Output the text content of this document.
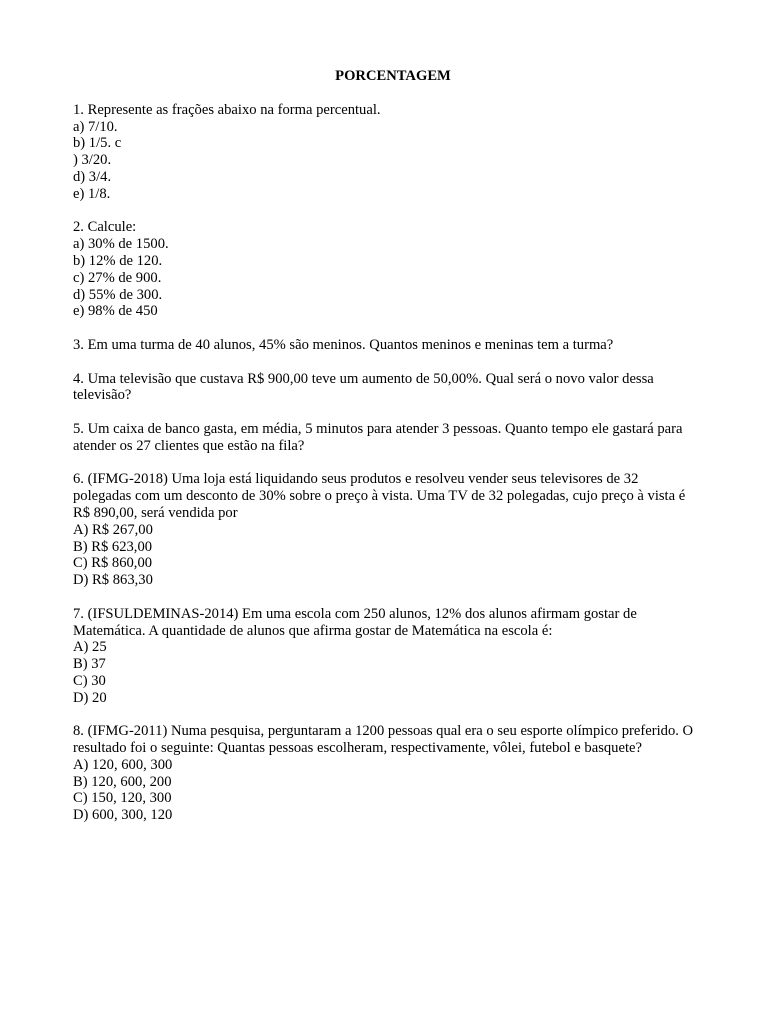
PORCENTAGEM
1. Represente as frações abaixo na forma percentual.
a) 7/10.
b) 1/5. c
) 3/20.
d) 3/4.
e) 1/8.
2. Calcule:
a) 30% de 1500.
b) 12% de 120.
c) 27% de 900.
d) 55% de 300.
e) 98% de 450
3. Em uma turma de 40 alunos, 45% são meninos. Quantos meninos e meninas tem a turma?
4. Uma televisão que custava R$ 900,00 teve um aumento de 50,00%. Qual será o novo valor dessa televisão?
5. Um caixa de banco gasta, em média, 5 minutos para atender 3 pessoas. Quanto tempo ele gastará para atender os 27 clientes que estão na fila?
6. (IFMG-2018) Uma loja está liquidando seus produtos e resolveu vender seus televisores de 32 polegadas com um desconto de 30% sobre o preço à vista. Uma TV de 32 polegadas, cujo preço à vista é R$ 890,00, será vendida por
A) R$ 267,00
B) R$ 623,00
C) R$ 860,00
D) R$ 863,30
7. (IFSULDEMINAS-2014) Em uma escola com 250 alunos, 12% dos alunos afirmam gostar de Matemática. A quantidade de alunos que afirma gostar de Matemática na escola é:
A) 25
B) 37
C) 30
D) 20
8. (IFMG-2011) Numa pesquisa, perguntaram a 1200 pessoas qual era o seu esporte olímpico preferido. O resultado foi o seguinte: Quantas pessoas escolheram, respectivamente, vôlei, futebol e basquete?
A) 120, 600, 300
B) 120, 600, 200
C) 150, 120, 300
D) 600, 300, 120
